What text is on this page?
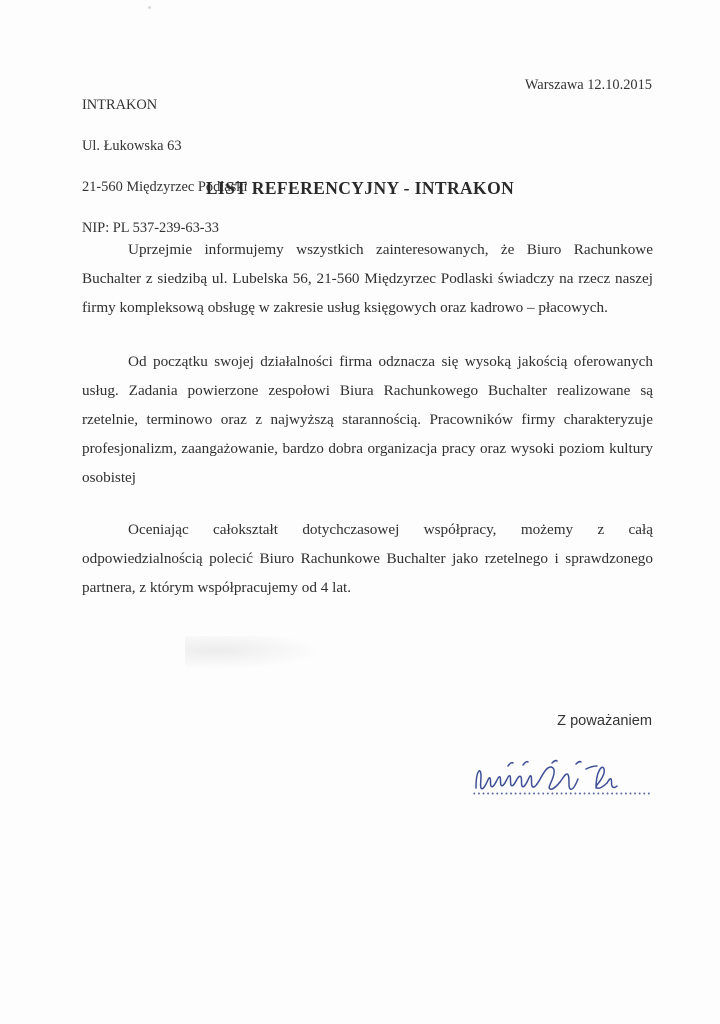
INTRAKON

Ul. Łukowska 63

21-560 Międzyrzec Podlaski

NIP: PL 537-239-63-33

Warszawa 12.10.2015
LIST REFERENCYJNY - INTRAKON

Uprzejmie informujemy wszystkich zainteresowanych, że Biuro Rachunkowe Buchalter z siedzibą ul. Lubelska 56, 21-560 Międzyrzec Podlaski świadczy na rzecz naszej firmy kompleksową obsługę w zakresie usług księgowych oraz kadrowo – płacowych.

Od początku swojej działalności firma odznacza się wysoką jakością oferowanych usług. Zadania powierzone zespołowi Biura Rachunkowego Buchalter realizowane są rzetelnie, terminowo oraz z najwyższą starannością. Pracowników firmy charakteryzuje profesjonalizm, zaangażowanie, bardzo dobra organizacja pracy oraz wysoki poziom kultury osobistej

Oceniając całokształt dotychczasowej współpracy, możemy z całą odpowiedzialnością polecić Biuro Rachunkowe Buchalter jako rzetelnego i sprawdzonego partnera, z którym współpracujemy od 4 lat.

Z poważaniem
